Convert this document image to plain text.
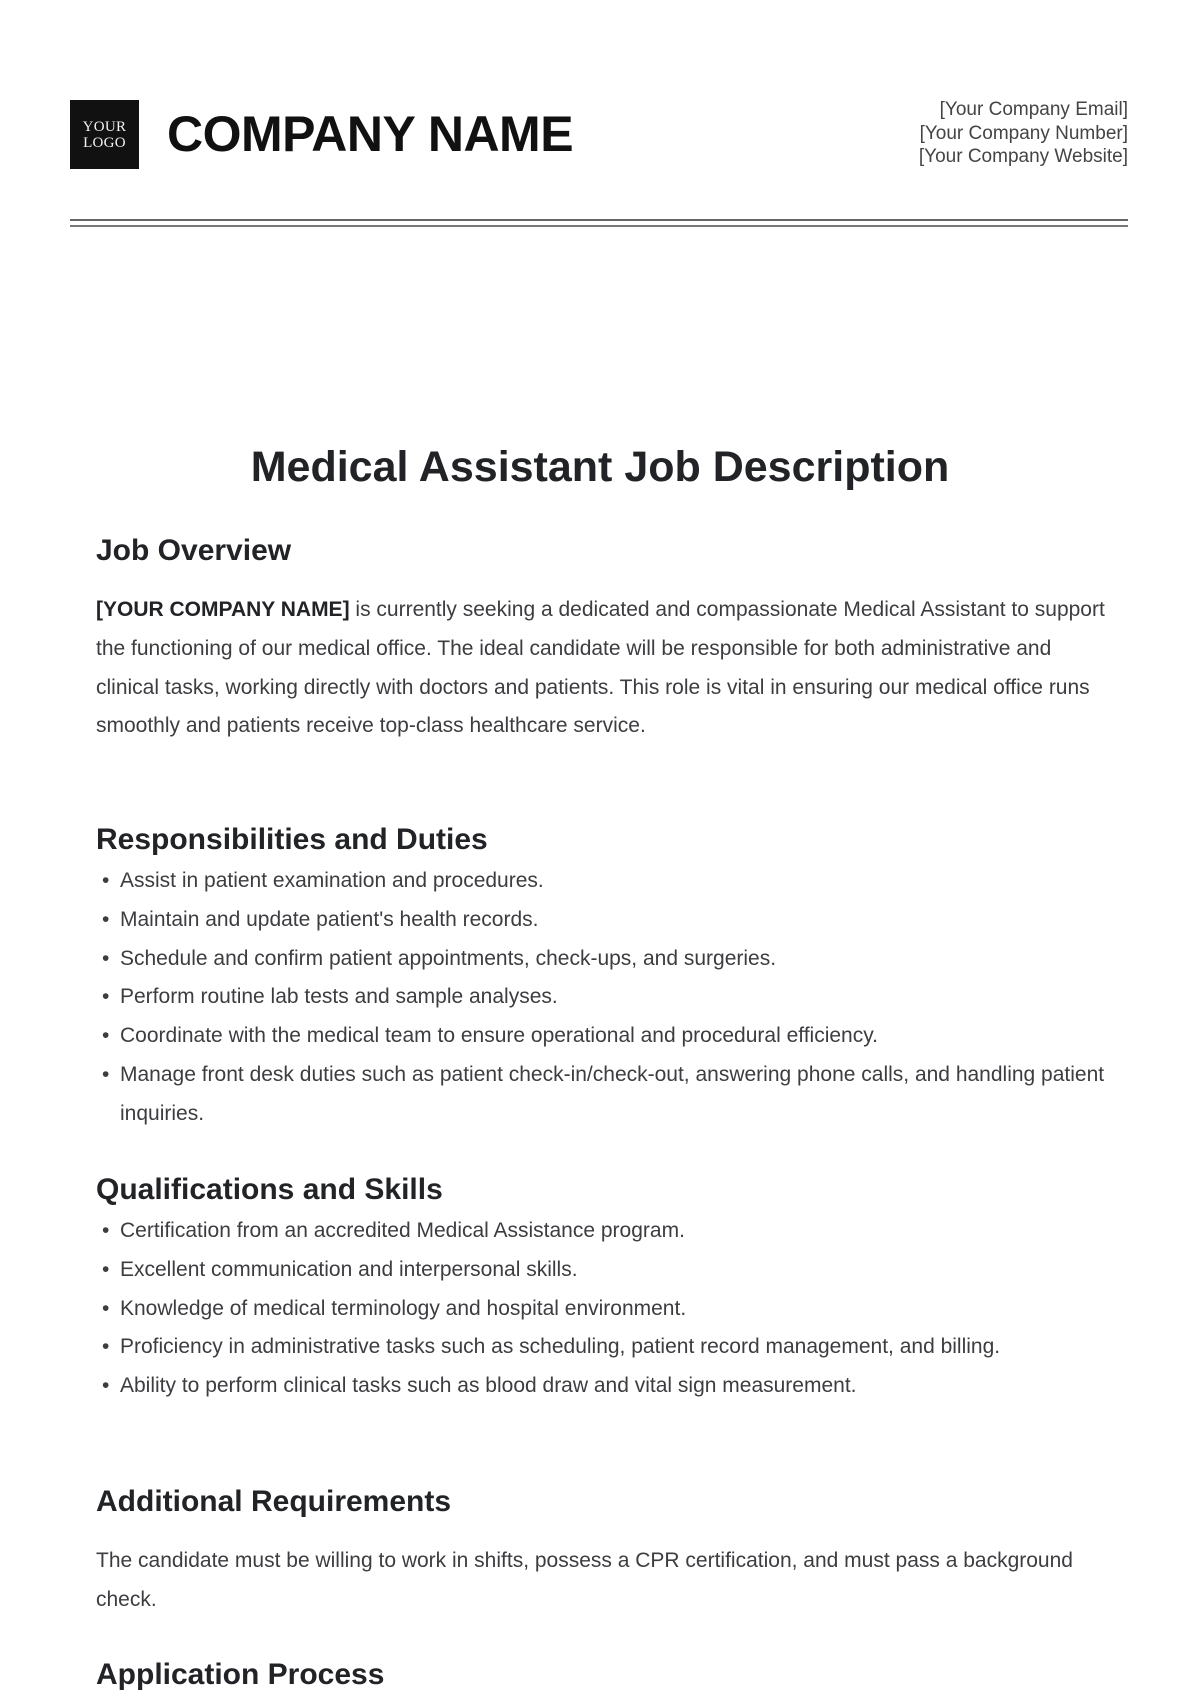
YOUR
LOGO COMPANY NAME	[Your Company Email]
[Your Company Number]
[Your Company Website]
Medical Assistant Job Description
Job Overview

[YOUR COMPANY NAME] is currently seeking a dedicated and compassionate Medical Assistant to support the functioning of our medical office. The ideal candidate will be responsible for both administrative and clinical tasks, working directly with doctors and patients. This role is vital in ensuring our medical office runs smoothly and patients receive top-class healthcare service.

Responsibilities and Duties
• Assist in patient examination and procedures.
• Maintain and update patient's health records.
• Schedule and confirm patient appointments, check-ups, and surgeries.
• Perform routine lab tests and sample analyses.
• Coordinate with the medical team to ensure operational and procedural efficiency.
• Manage front desk duties such as patient check-in/check-out, answering phone calls, and handling patient inquiries.
Qualifications and Skills
• Certification from an accredited Medical Assistance program.
• Excellent communication and interpersonal skills.
• Knowledge of medical terminology and hospital environment.
• Proficiency in administrative tasks such as scheduling, patient record management, and billing.
• Ability to perform clinical tasks such as blood draw and vital sign measurement.
Additional Requirements

The candidate must be willing to work in shifts, possess a CPR certification, and must pass a background check.

Application Process
